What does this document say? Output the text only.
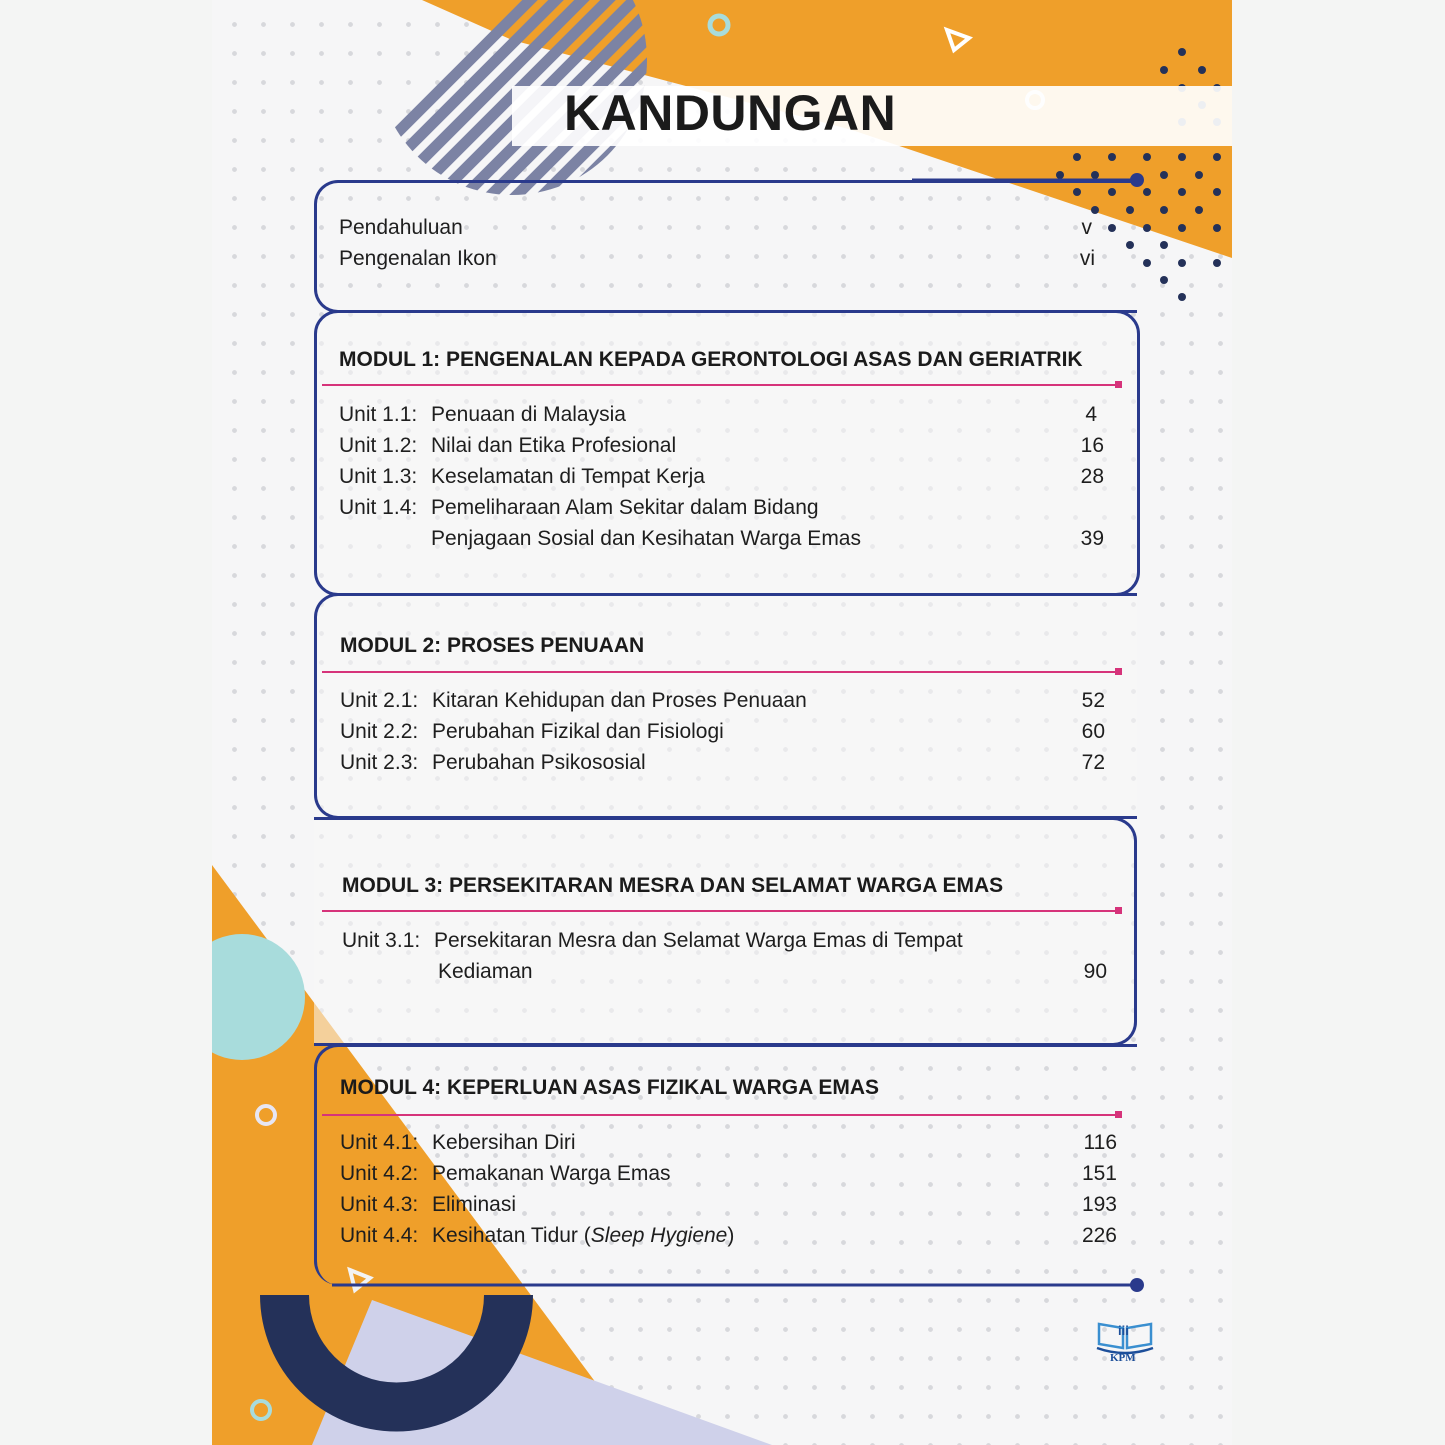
KANDUNGAN
Pendahuluan	v
Pengenalan Ikon	vi
MODUL 1: PENGENALAN KEPADA GERONTOLOGI ASAS DAN GERIATRIK
Unit 1.1: Penuaan di Malaysia	4
Unit 1.2: Nilai dan Etika Profesional	16
Unit 1.3: Keselamatan di Tempat Kerja	28
Unit 1.4: Pemeliharaan Alam Sekitar dalam Bidang
Penjagaan Sosial dan Kesihatan Warga Emas	39
MODUL 2: PROSES PENUAAN
Unit 2.1: Kitaran Kehidupan dan Proses Penuaan	52
Unit 2.2: Perubahan Fizikal dan Fisiologi	60
Unit 2.3: Perubahan Psikososial	72
MODUL 3: PERSEKITARAN MESRA DAN SELAMAT WARGA EMAS
Unit 3.1: Persekitaran Mesra dan Selamat Warga Emas di Tempat
Kediaman	90
MODUL 4: KEPERLUAN ASAS FIZIKAL WARGA EMAS
Unit 4.1: Kebersihan Diri	116
Unit 4.2: Pemakanan Warga Emas	151
Unit 4.3: Eliminasi	193
Unit 4.4: Kesihatan Tidur (Sleep Hygiene)	226
iii
KPM
